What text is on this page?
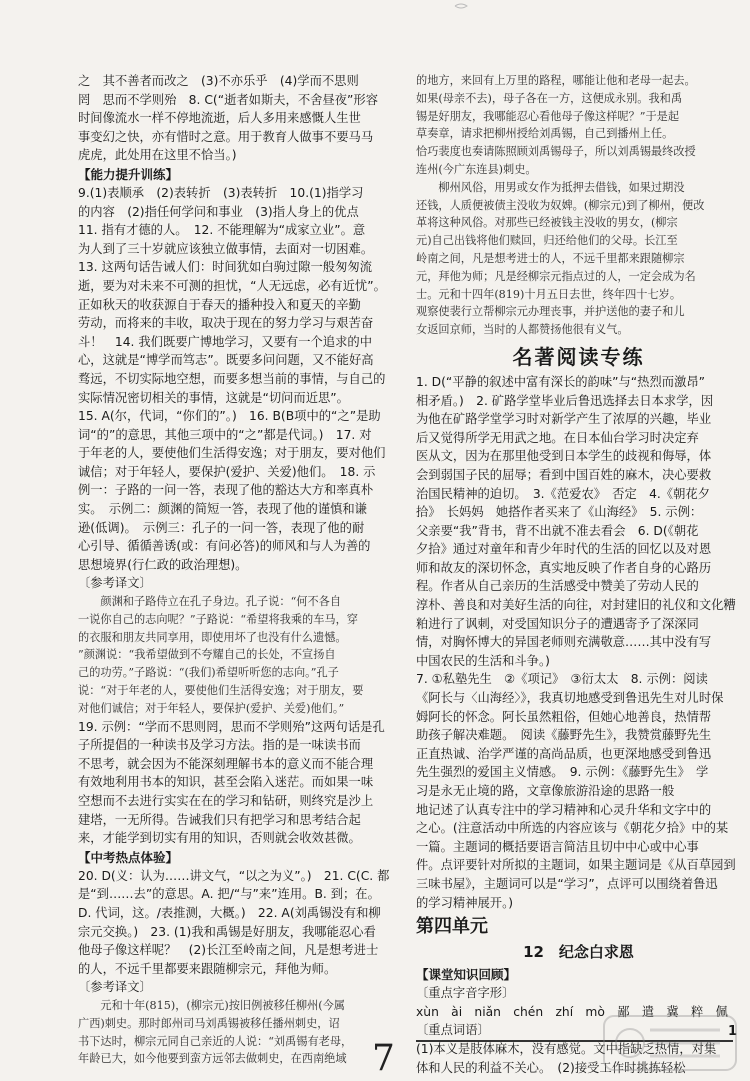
之　其不善者而改之　(3)不亦乐乎　(4)学而不思则

罔　思而不学则殆　8. C(“逝者如斯夫，不舍昼夜”形容

时间像流水一样不停地流逝，后人多用来感慨人生世

事变幻之快，亦有惜时之意。用于教育人做事不要马马

虎虎，此处用在这里不恰当。)

【能力提升训练】

9.(1)表顺承　(2)表转折　(3)表转折　10.(1)指学习

的内容　(2)指任何学问和事业　(3)指人身上的优点

11. 指有才德的人。　12. 不能理解为“成家立业”。意

为人到了三十岁就应该独立做事情，去面对一切困难。

13. 这两句话告诫人们：时间犹如白驹过隙一般匆匆流

逝，要为对未来不可测的担忧，“人无远虑，必有近忧”。

正如秋天的收获源自于春天的播种投入和夏天的辛勤

劳动，而将来的丰收，取决于现在的努力学习与艰苦奋

斗！　14. 我们既要广博地学习，又要有一个追求的中

心，这就是“博学而笃志”。既要多问问题，又不能好高

骛远，不切实际地空想，而要多想当前的事情，与自己的

实际情况密切相关的事情，这就是“切问而近思”。

15. A(尔，代词，“你们的”。)　16. B(B项中的“之”是助

词“的”的意思，其他三项中的“之”都是代词。)　17. 对

于年老的人，要使他们生活得安逸；对于朋友，要对他们

诚信；对于年轻人，要保护(爱护、关爱)他们。　18. 示

例一：子路的一问一答，表现了他的豁达大方和率真朴

实。　示例二：颜渊的简短一答，表现了他的谨慎和谦

逊(低调)。　示例三：孔子的一问一答，表现了他的耐

心引导、循循善诱(或：有问必答)的师风和与人为善的

思想境界(行仁政的政治理想)。

〔参考译文〕

颜渊和子路侍立在孔子身边。孔子说：“何不各自

一说你自己的志向呢？”子路说：“希望将我乘的车马，穿

的衣服和朋友共同享用，即使用坏了也没有什么遗憾。

”颜渊说：“我希望做到不夸耀自己的长处，不宣扬自

己的功劳。”子路说：“(我们)希望听听您的志向。”孔子

说：“对于年老的人，要使他们生活得安逸；对于朋友，要

对他们诚信；对于年轻人，要保护(爱护、关爱)他们。”

19. 示例：“学而不思则罔，思而不学则殆”这两句话是孔

子所提倡的一种读书及学习方法。指的是一味读书而

不思考，就会因为不能深刻理解书本的意义而不能合理

有效地利用书本的知识，甚至会陷入迷茫。而如果一味

空想而不去进行实实在在的学习和钻研，则终究是沙上

建塔，一无所得。告诫我们只有把学习和思考结合起

来，才能学到切实有用的知识，否则就会收效甚微。

【中考热点体验】

20. D(义：认为……讲文气，“以之为义”。)　21. C(C. 都

是“到……去”的意思。A. 把/“与”来”连用。B. 到；在。

D. 代词，这。/表推测，大概。)　22. A(刘禹锡没有和柳

宗元交换。)　23. (1)我和禹锡是好朋友，我哪能忍心看

他母子像这样呢？　(2)长江至岭南之间，凡是想考进士

的人，不远千里都要来跟随柳宗元，拜他为师。

〔参考译文〕

元和十年(815)，(柳宗元)按旧例被移任柳州(今属

广西)刺史。那时郎州司马刘禹锡被移任播州刺史，诏

书下达时，柳宗元同自己亲近的人说：“刘禹锡有老母，

年龄已大，如今他要到蛮方远邻去做刺史，在西南绝域

的地方，来回有上万里的路程，哪能让他和老母一起去。

如果(母亲不去)，母子各在一方，这便成永别。我和禹

锡是好朋友，我哪能忍心看他母子像这样呢？”于是起

草奏章，请求把柳州授给刘禹锡，自己到播州上任。

恰巧裴度也奏请陈照顾刘禹锡母子，所以刘禹锡最终改授

连州(今广东连县)刺史。

柳州风俗，用男或女作为抵押去借钱，如果过期没

还钱，人质便被债主没收为奴婢。(柳宗元)到了柳州，便改

革将这种风俗。对那些已经被钱主没收的男女，(柳宗

元)自己出钱将他们赎回，归还给他们的父母。长江至

岭南之间，凡是想考进士的人，不远千里都来跟随柳宗

元，拜他为师；凡是经柳宗元指点过的人，一定会成为名

士。元和十四年(819)十月五日去世，终年四十七岁。

观察使裴行立帮柳宗元办理丧事，并护送他的妻子和儿

女返回京师，当时的人都赞扬他很有义气。

名著阅读专练

1. D(“平静的叙述中富有深长的韵味”与“热烈而激昂”

相矛盾。)　2. 矿路学堂毕业后鲁迅选择去日本求学，因

为他在矿路学堂学习时对新学产生了浓厚的兴趣，毕业

后又觉得所学无用武之地。在日本仙台学习时决定弃

医从文，因为在那里他受到日本学生的歧视和侮辱，体

会到弱国子民的屈辱；看到中国百姓的麻木，决心要救

治国民精神的迫切。　3.《范爱农》　否定　4.《朝花夕

拾》　长妈妈　她搭作者买来了《山海经》　5. 示例：

父亲要“我”背书，背不出就不准去看会　6. D(《朝花

夕拾》通过对童年和青少年时代的生活的回忆以及对恩

师和故友的深切怀念，真实地反映了作者自身的心路历

程。作者从自己亲历的生活感受中赞美了劳动人民的

淳朴、善良和对美好生活的向往，对封建旧的礼仪和文化糟

粕进行了讽刺，对受国知识分子的遭遇寄予了深深同

情，对胸怀博大的异国老师则充满敬意……其中没有写

中国农民的生活和斗争。)

7. ①私塾先生　②《项记》　③衍太太　8. 示例：阅读

《阿长与〈山海经〉》，我真切地感受到鲁迅先生对儿时保

姆阿长的怀念。阿长虽然粗俗，但她心地善良，热情帮

助孩子解决难题。　阅读《藤野先生》，我赞赏藤野先生

正直热诚、治学严谨的高尚品质，也更深地感受到鲁迅

先生强烈的爱国主义情感。　9. 示例：《藤野先生》　学

习是永无止境的路，文章像旅游沿途的思路一般

地记述了认真专注中的学习精神和心灵升华和文字中的

之心。(注意活动中所选的内容应该与《朝花夕拾》中的某

一篇。主题词的概括要语言简洁且切中中心或中心事

件。点评要针对所拟的主题词，如果主题词是《从百草园到

三味书屋》，主题词可以是“学习”，点评可以围绕着鲁迅

的学习精神展开。)

第四单元
12　纪念白求恩

【课堂知识回顾】

〔重点字音字形〕

xùn　ài　niǎn　chén　zhí　mò　鄙　遣　冀　粹　佩

〔重点词语〕

(1)本义是肢体麻木，没有感觉。文中指缺乏热情，对集

体和人民的利益不关心。　(2)接受工作时挑拣轻松

1
7
